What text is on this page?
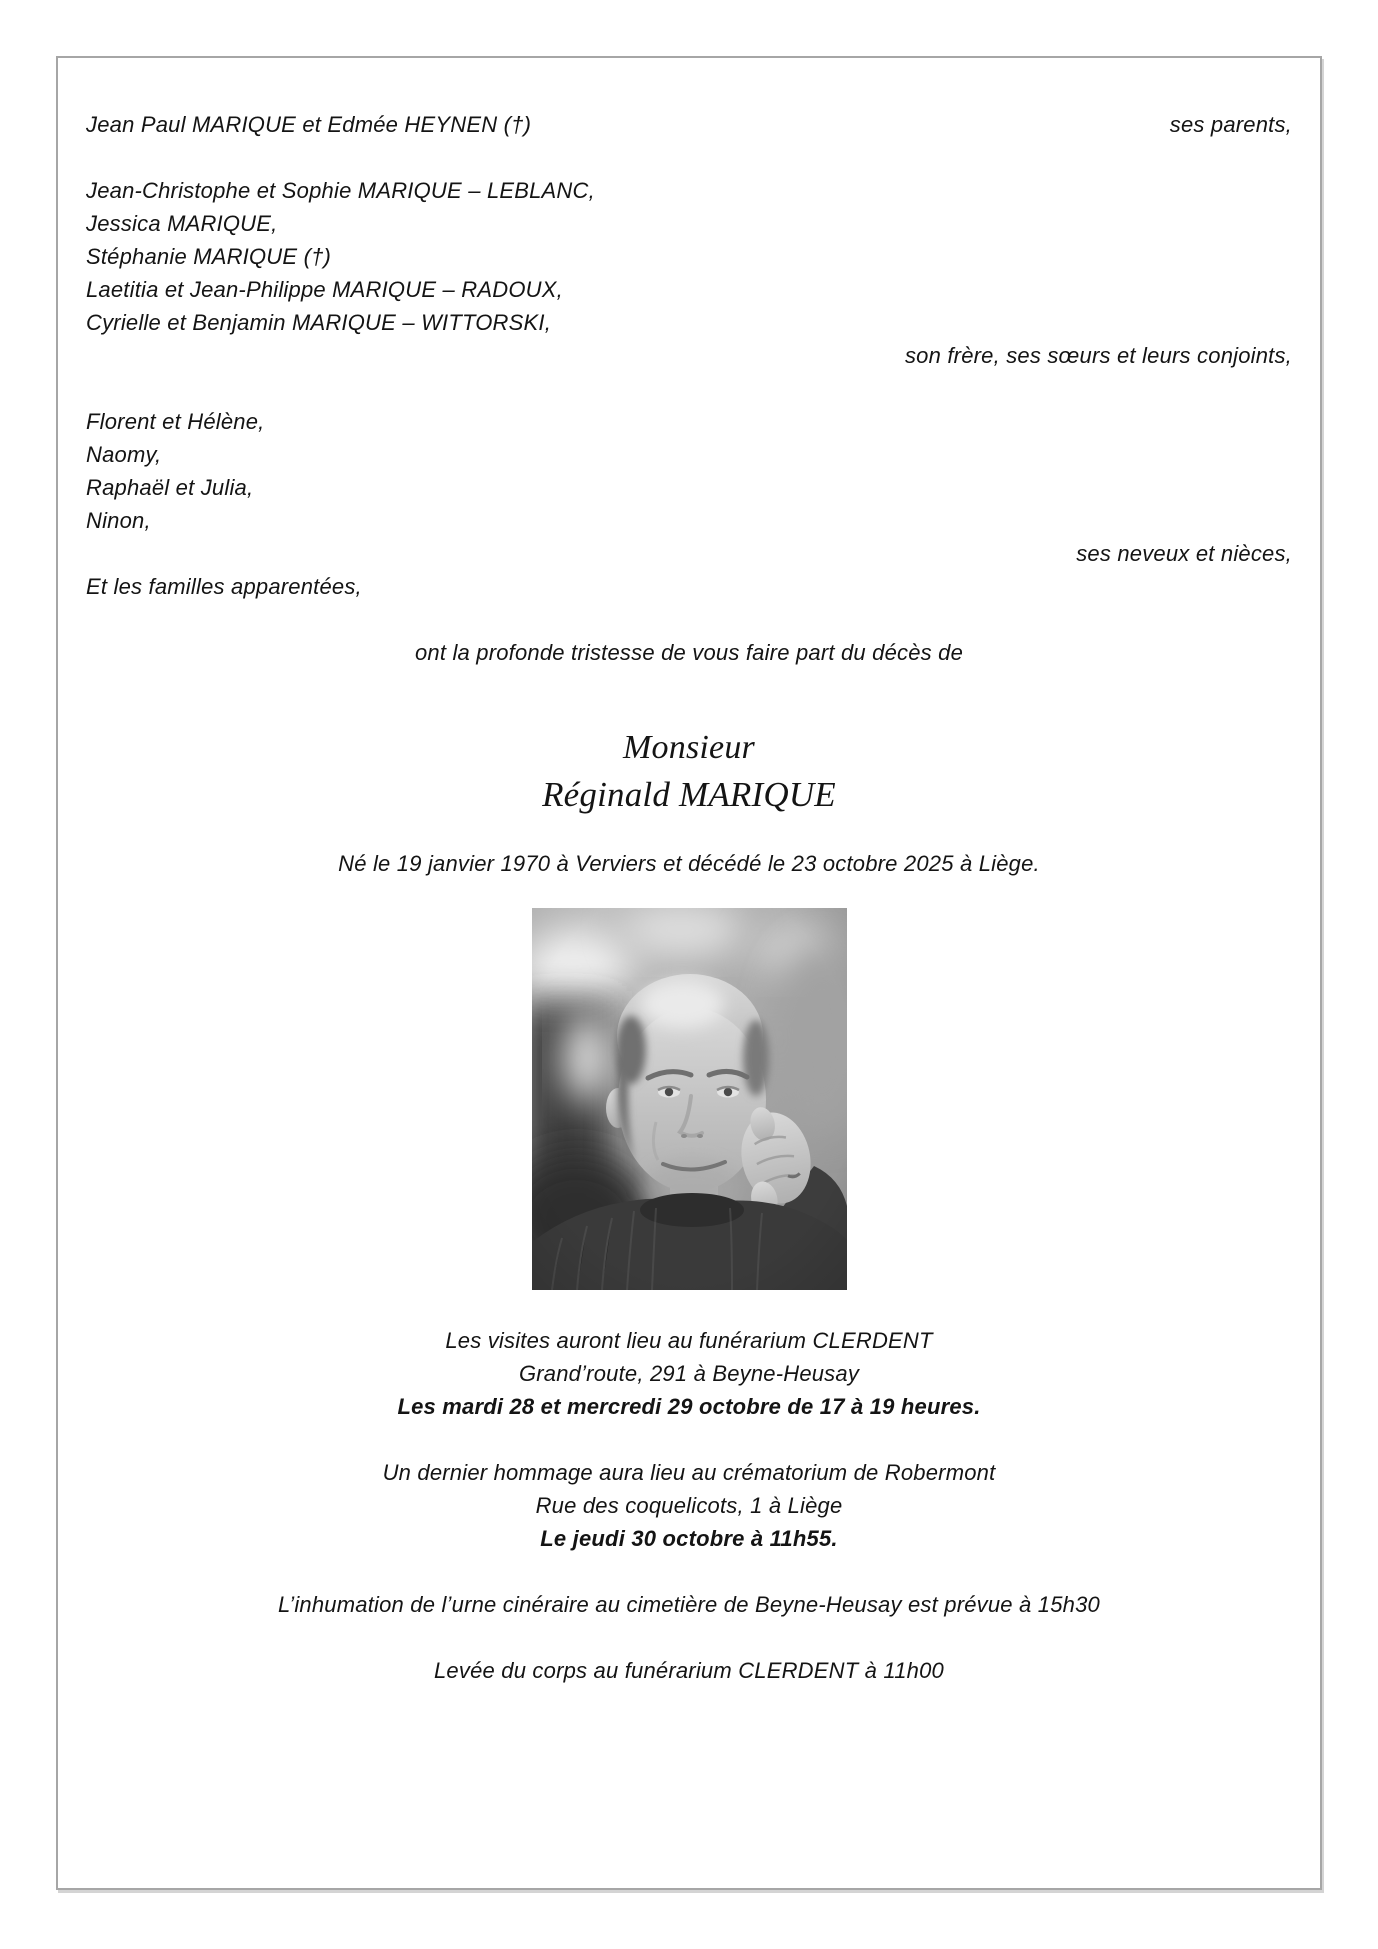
Jean Paul MARIQUE et Edmée HEYNEN (†)	ses parents,

Jean-Christophe et Sophie MARIQUE – LEBLANC,

Jessica MARIQUE,

Stéphanie MARIQUE (†)

Laetitia et Jean-Philippe MARIQUE – RADOUX,

Cyrielle et Benjamin MARIQUE – WITTORSKI,

son frère, ses sœurs et leurs conjoints,

Florent et Hélène,

Naomy,

Raphaël et Julia,

Ninon,

ses neveux et nièces,

Et les familles apparentées,

ont la profonde tristesse de vous faire part du décès de

Monsieur

Réginald MARIQUE

Né le 19 janvier 1970 à Verviers et décédé le 23 octobre 2025 à Liège.

Les visites auront lieu au funérarium CLERDENT

Grand’route, 291 à Beyne-Heusay

Les mardi 28 et mercredi 29 octobre de 17 à 19 heures.

Un dernier hommage aura lieu au crématorium de Robermont

Rue des coquelicots, 1 à Liège

Le jeudi 30 octobre à 11h55.

L’inhumation de l’urne cinéraire au cimetière de Beyne-Heusay est prévue à 15h30

Levée du corps au funérarium CLERDENT à 11h00
